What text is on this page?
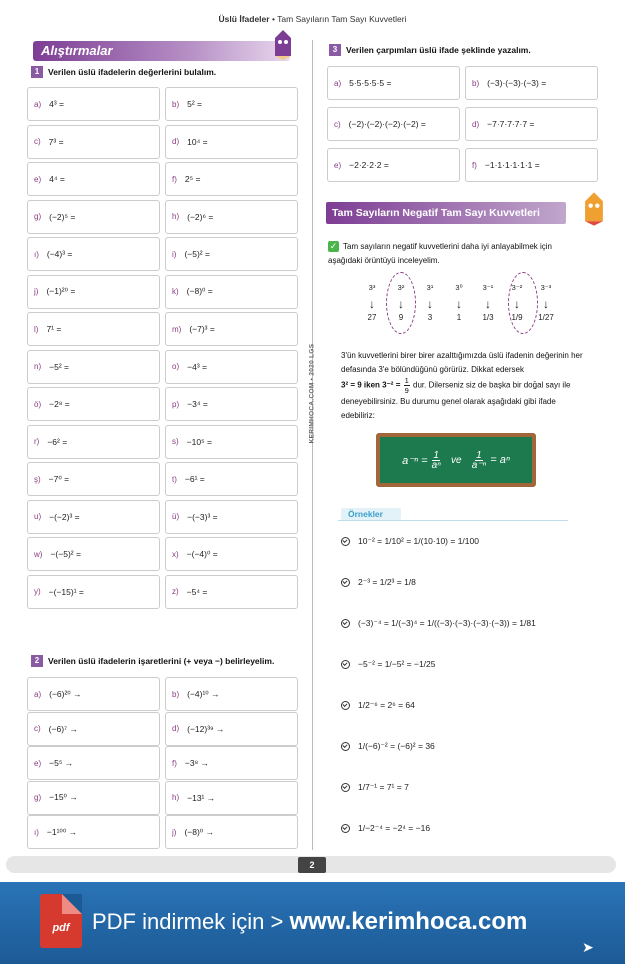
Üslü İfadeler • Tam Sayıların Tam Sayı Kuvvetleri
KERIMHOCA.COM • 2020 LGS
Alıştırmalar
1	Verilen üslü ifadelerin değerlerini bulalım.
a) 4³ =	b) 5² =
c) 7³ =	d) 10⁴ =
e) 4⁴ =	f) 2⁵ =
g) (−2)⁵ =	h) (−2)⁶ =
ı) (−4)³ =	i) (−5)² =
j) (−1)²⁰ =	k) (−8)⁰ =
l) 7¹ =	m) (−7)³ =
n) −5² =	o) −4³ =
ö) −2⁸ =	p) −3⁴ =
r) −6² =	s) −10⁵ =
ş) −7⁰ =	t) −6¹ =
u) −(−2)³ =	ü) −(−3)³ =
w) −(−5)² =	x) −(−4)⁰ =
y) −(−15)¹ =	z) −5⁴ =
2	Verilen üslü ifadelerin işaretlerini (+ veya −) belirleyelim.
a) (−6)²⁰ →	b) (−4)¹⁰ →
c) (−6)⁷ →	d) (−12)³⁹ →
e) −5⁵ →	f) −3⁸ →
g) −15⁰ →	h) −13¹ →
ı) −1¹⁰⁰ →	j) (−8)⁰ →
3	Verilen çarpımları üslü ifade şeklinde yazalım.
a) 5·5·5·5·5 =	b) (−3)·(−3)·(−3) =
c) (−2)·(−2)·(−2)·(−2) =	d) −7·7·7·7·7 =
e) −2·2·2·2 =	f) −1·1·1·1·1·1 =
Tam Sayıların Negatif Tam Sayı Kuvvetleri
✓ Tam sayıların negatif kuvvetlerini daha iyi anlayabilmek için aşağıdaki örüntüyü inceleyelim.
3³
↓
27
3²
↓
9
3¹
↓
3
3⁰
↓
1
3⁻¹
↓
1/3
3⁻²
↓
1/9
3⁻³
↓
1/27
3'ün kuvvetlerini birer birer azalttığımızda üslü ifadenin değerinin her defasında 3'e bölündüğünü görürüz. Dikkat edersek
3² = 9 iken $3^{-2} = \frac{1}{9}$ dur. Dilerseniz siz de başka bir doğal sayı ile deneyebilirsiniz. Bu durumu genel olarak aşağıdaki gibi ifade edebiliriz:
a⁻ⁿ =
$\frac{1}{\text{aⁿ}}$
ve
$\frac{1}{\text{a⁻ⁿ}}$
= aⁿ
Örnekler
10⁻² = 1/10² = 1/(10·10) = 1/100
2⁻³ = 1/2³ = 1/8
(−3)⁻⁴ = 1/(−3)⁴ = 1/((−3)·(−3)·(−3)·(−3)) = 1/81
−5⁻² = 1/−5² = −1/25
1/2⁻⁶ = 2⁶ = 64
1/(−6)⁻² = (−6)² = 36
1/7⁻¹ = 7¹ = 7
1/−2⁻⁴ = −2⁴ = −16
2
pdf	PDF indirmek için > www.kerimhoca.com
➤
